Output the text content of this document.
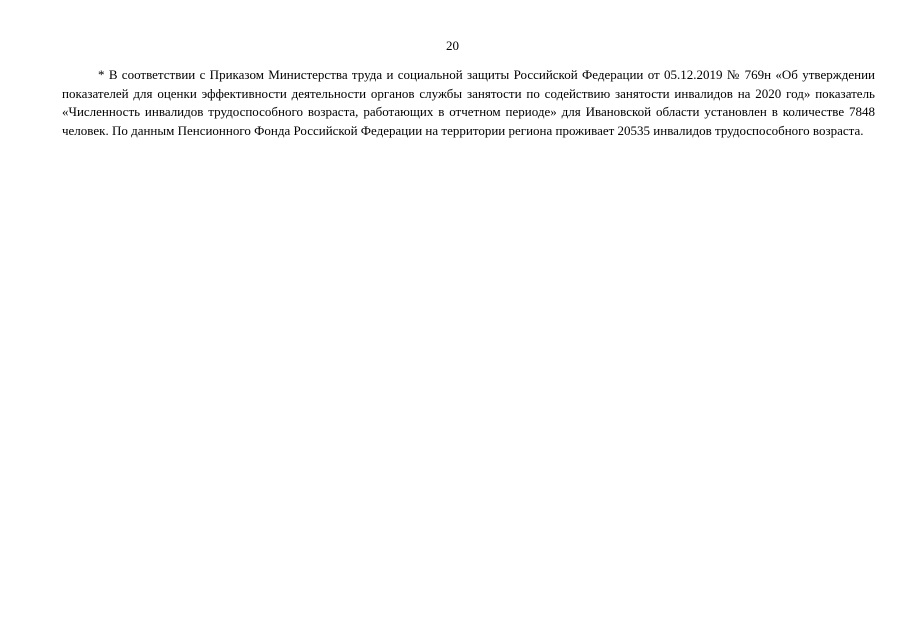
20

* В соответствии с Приказом Министерства труда и социальной защиты Российской Федерации от 05.12.2019 № 769н «Об утверждении показателей для оценки эффективности деятельности органов службы занятости по содействию занятости инвалидов на 2020 год» показатель «Численность инвалидов трудоспособного возраста, работающих в отчетном периоде» для Ивановской области установлен в количестве 7848 человек. По данным Пенсионного Фонда Российской Федерации на территории региона проживает 20535 инвалидов трудоспособного возраста.
